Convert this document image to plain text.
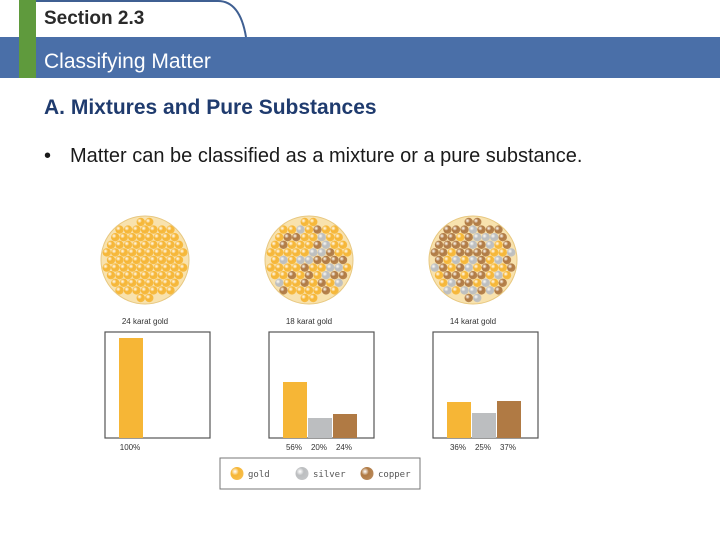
Section 2.3
Classifying Matter
A. Mixtures and Pure Substances
• Matter can be classified as a mixture or a pure substance.
24 karat gold
100%
18 karat gold
56% 20% 24%
14 karat gold
36% 25% 37%
gold	silver	copper
